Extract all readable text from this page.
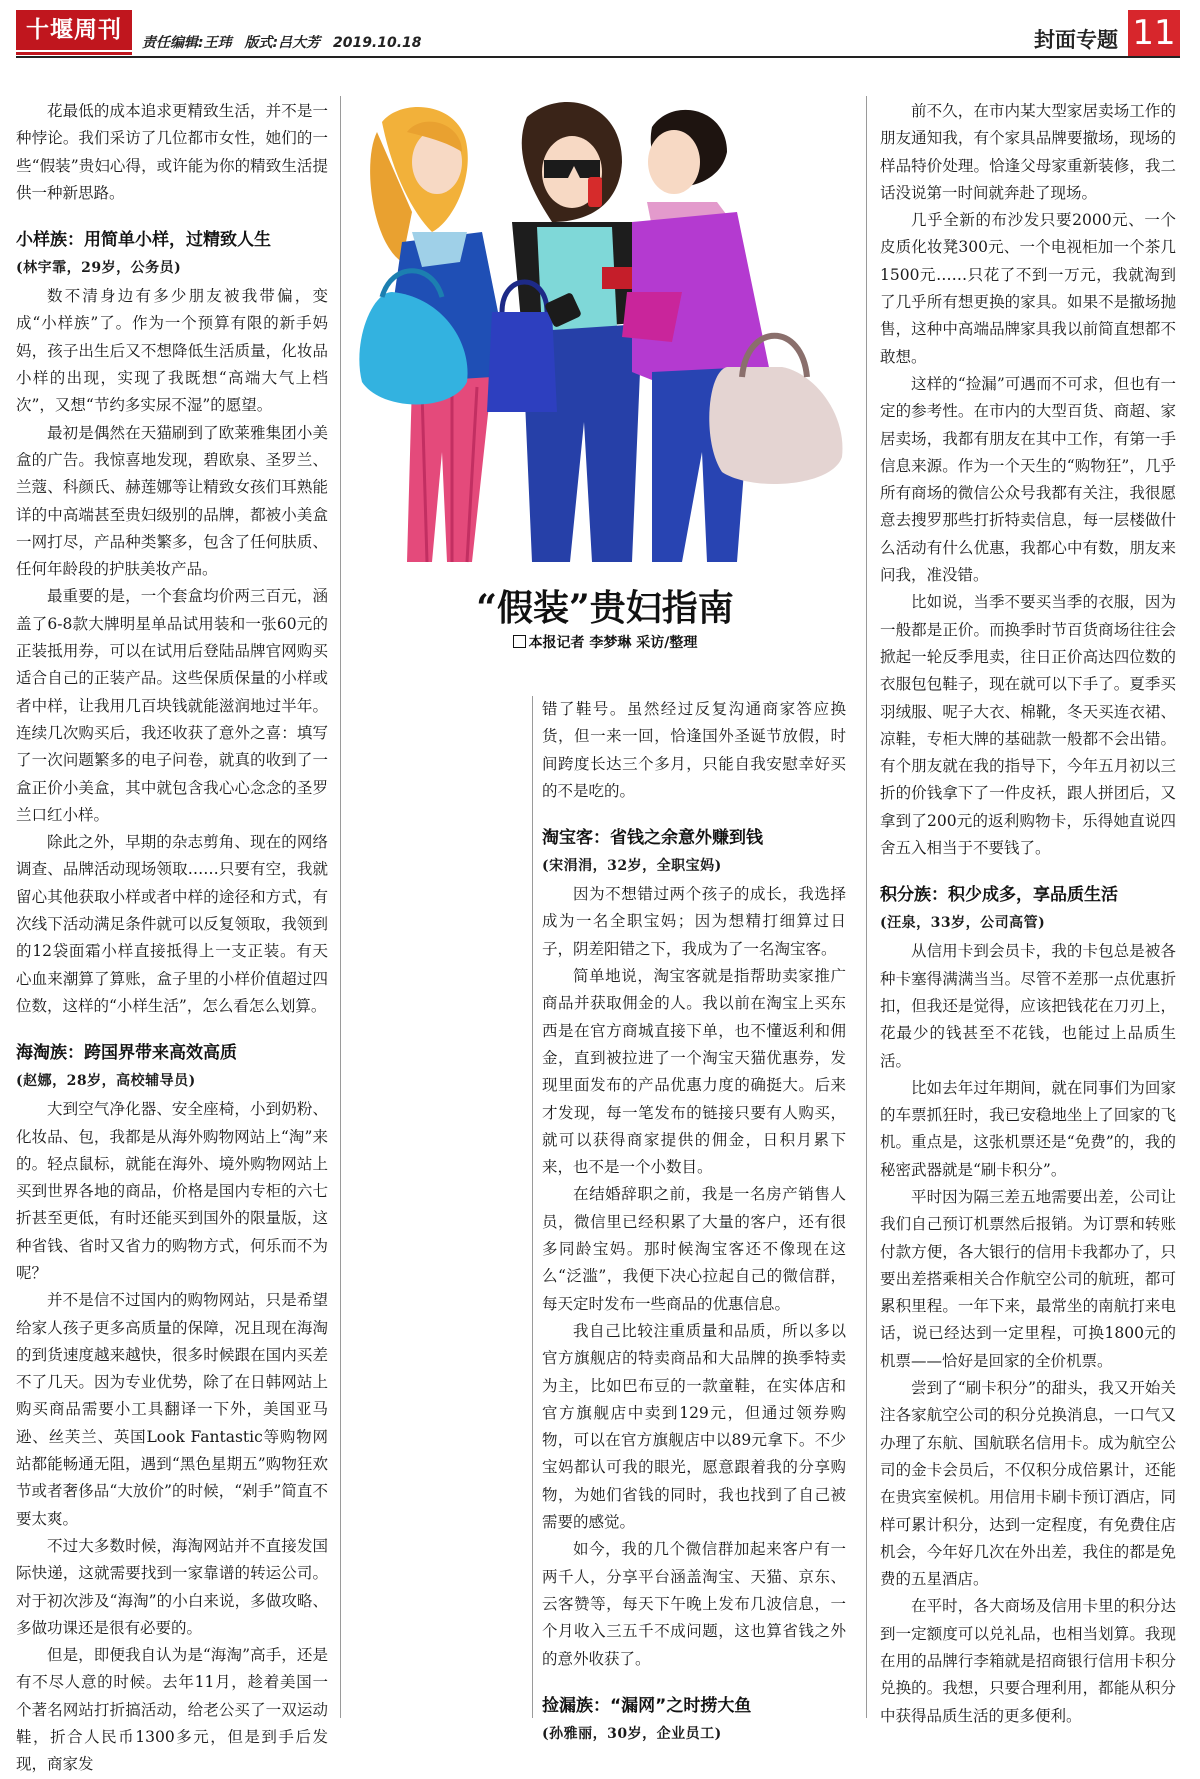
十堰周刊	责任编辑:王玮 版式:吕大芳 2019.10.18	封面专题 11

花最低的成本追求更精致生活，并不是一种悖论。我们采访了几位都市女性，她们的一些“假装”贵妇心得，或许能为你的精致生活提供一种新思路。

小样族：用简单小样，过精致人生
(林宇霏，29岁，公务员)

数不清身边有多少朋友被我带偏，变成“小样族”了。作为一个预算有限的新手妈妈，孩子出生后又不想降低生活质量，化妆品小样的出现，实现了我既想“高端大气上档次”，又想“节约多实尿不湿”的愿望。

最初是偶然在天猫刷到了欧莱雅集团小美盒的广告。我惊喜地发现，碧欧泉、圣罗兰、兰蔻、科颜氏、赫莲娜等让精致女孩们耳熟能详的中高端甚至贵妇级别的品牌，都被小美盒一网打尽，产品种类繁多，包含了任何肤质、任何年龄段的护肤美妆产品。

最重要的是，一个套盒均价两三百元，涵盖了6-8款大牌明星单品试用装和一张60元的正装抵用券，可以在试用后登陆品牌官网购买适合自己的正装产品。这些保质保量的小样或者中样，让我用几百块钱就能滋润地过半年。连续几次购买后，我还收获了意外之喜：填写了一次问题繁多的电子问卷，就真的收到了一盒正价小美盒，其中就包含我心心念念的圣罗兰口红小样。

除此之外，早期的杂志剪角、现在的网络调查、品牌活动现场领取……只要有空，我就留心其他获取小样或者中样的途径和方式，有次线下活动满足条件就可以反复领取，我领到的12袋面霜小样直接抵得上一支正装。有天心血来潮算了算账，盒子里的小样价值超过四位数，这样的“小样生活”，怎么看怎么划算。

海淘族：跨国界带来高效高质
(赵娜，28岁，高校辅导员)

大到空气净化器、安全座椅，小到奶粉、化妆品、包，我都是从海外购物网站上“淘”来的。轻点鼠标，就能在海外、境外购物网站上买到世界各地的商品，价格是国内专柜的六七折甚至更低，有时还能买到国外的限量版，这种省钱、省时又省力的购物方式，何乐而不为呢？

并不是信不过国内的购物网站，只是希望给家人孩子更多高质量的保障，况且现在海淘的到货速度越来越快，很多时候跟在国内买差不了几天。因为专业优势，除了在日韩网站上购买商品需要小工具翻译一下外，美国亚马逊、丝芙兰、英国Look Fantastic等购物网站都能畅通无阻，遇到“黑色星期五”购物狂欢节或者奢侈品“大放价”的时候，“剁手”简直不要太爽。

不过大多数时候，海淘网站并不直接发国际快递，这就需要找到一家靠谱的转运公司。对于初次涉及“海淘”的小白来说，多做攻略、多做功课还是很有必要的。

但是，即便我自认为是“海淘”高手，还是有不尽人意的时候。去年11月，趁着美国一个著名网站打折搞活动，给老公买了一双运动鞋，折合人民币1300多元，但是到手后发现，商家发

“假装”贵妇指南
本报记者 李梦琳 采访/整理

错了鞋号。虽然经过反复沟通商家答应换货，但一来一回，恰逢国外圣诞节放假，时间跨度长达三个多月，只能自我安慰幸好买的不是吃的。

淘宝客：省钱之余意外赚到钱
(宋涓涓，32岁，全职宝妈)

因为不想错过两个孩子的成长，我选择成为一名全职宝妈；因为想精打细算过日子，阴差阳错之下，我成为了一名淘宝客。

简单地说，淘宝客就是指帮助卖家推广商品并获取佣金的人。我以前在淘宝上买东西是在官方商城直接下单，也不懂返利和佣金，直到被拉进了一个淘宝天猫优惠券，发现里面发布的产品优惠力度的确挺大。后来才发现，每一笔发布的链接只要有人购买，就可以获得商家提供的佣金，日积月累下来，也不是一个小数目。

在结婚辞职之前，我是一名房产销售人员，微信里已经积累了大量的客户，还有很多同龄宝妈。那时候淘宝客还不像现在这么“泛滥”，我便下决心拉起自己的微信群，每天定时发布一些商品的优惠信息。

我自己比较注重质量和品质，所以多以官方旗舰店的特卖商品和大品牌的换季特卖为主，比如巴布豆的一款童鞋，在实体店和官方旗舰店中卖到129元，但通过领券购物，可以在官方旗舰店中以89元拿下。不少宝妈都认可我的眼光，愿意跟着我的分享购物，为她们省钱的同时，我也找到了自己被需要的感觉。

如今，我的几个微信群加起来客户有一两千人，分享平台涵盖淘宝、天猫、京东、云客赞等，每天下午晚上发布几波信息，一个月收入三五千不成问题，这也算省钱之外的意外收获了。

捡漏族：“漏网”之时捞大鱼
(孙雅丽，30岁，企业员工)

前不久，在市内某大型家居卖场工作的朋友通知我，有个家具品牌要撤场，现场的样品特价处理。恰逢父母家重新装修，我二话没说第一时间就奔赴了现场。

几乎全新的布沙发只要2000元、一个皮质化妆凳300元、一个电视柜加一个茶几1500元……只花了不到一万元，我就淘到了几乎所有想更换的家具。如果不是撤场抛售，这种中高端品牌家具我以前简直想都不敢想。

这样的“捡漏”可遇而不可求，但也有一定的参考性。在市内的大型百货、商超、家居卖场，我都有朋友在其中工作，有第一手信息来源。作为一个天生的“购物狂”，几乎所有商场的微信公众号我都有关注，我很愿意去搜罗那些打折特卖信息，每一层楼做什么活动有什么优惠，我都心中有数，朋友来问我，准没错。

比如说，当季不要买当季的衣服，因为一般都是正价。而换季时节百货商场往往会掀起一轮反季甩卖，往日正价高达四位数的衣服包包鞋子，现在就可以下手了。夏季买羽绒服、呢子大衣、棉靴，冬天买连衣裙、凉鞋，专柜大牌的基础款一般都不会出错。有个朋友就在我的指导下，今年五月初以三折的价钱拿下了一件皮袄，跟人拼团后，又拿到了200元的返利购物卡，乐得她直说四舍五入相当于不要钱了。

积分族：积少成多，享品质生活
(汪泉，33岁，公司高管)

从信用卡到会员卡，我的卡包总是被各种卡塞得满满当当。尽管不差那一点优惠折扣，但我还是觉得，应该把钱花在刀刃上，花最少的钱甚至不花钱，也能过上品质生活。

比如去年过年期间，就在同事们为回家的车票抓狂时，我已安稳地坐上了回家的飞机。重点是，这张机票还是“免费”的，我的秘密武器就是“刷卡积分”。

平时因为隔三差五地需要出差，公司让我们自己预订机票然后报销。为订票和转账付款方便，各大银行的信用卡我都办了，只要出差搭乘相关合作航空公司的航班，都可累积里程。一年下来，最常坐的南航打来电话，说已经达到一定里程，可换1800元的机票——恰好是回家的全价机票。

尝到了“刷卡积分”的甜头，我又开始关注各家航空公司的积分兑换消息，一口气又办理了东航、国航联名信用卡。成为航空公司的金卡会员后，不仅积分成倍累计，还能在贵宾室候机。用信用卡刷卡预订酒店，同样可累计积分，达到一定程度，有免费住店机会，今年好几次在外出差，我住的都是免费的五星酒店。

在平时，各大商场及信用卡里的积分达到一定额度可以兑礼品，也相当划算。我现在用的品牌行李箱就是招商银行信用卡积分兑换的。我想，只要合理利用，都能从积分中获得品质生活的更多便利。
